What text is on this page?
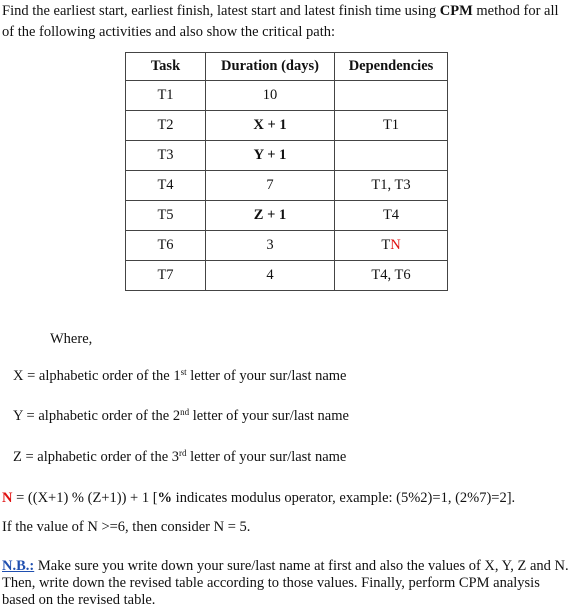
Find the earliest start, earliest finish, latest start and latest finish time using CPM method for all of the following activities and also show the critical path:
Task	Duration (days)	Dependencies
T1	10	
T2	X + 1	T1
T3	Y + 1	
T4	7	T1, T3
T5	Z + 1	T4
T6	3	TN
T7	4	T4, T6
Where,
X = alphabetic order of the 1st letter of your sur/last name
Y = alphabetic order of the 2nd letter of your sur/last name
Z = alphabetic order of the 3rd letter of your sur/last name
N = ((X+1) % (Z+1)) + 1 [% indicates modulus operator, example: (5%2)=1, (2%7)=2].
If the value of N >=6, then consider N = 5.
N.B.: Make sure you write down your sure/last name at first and also the values of X, Y, Z and N. Then, write down the revised table according to those values. Finally, perform CPM analysis based on the revised table.
